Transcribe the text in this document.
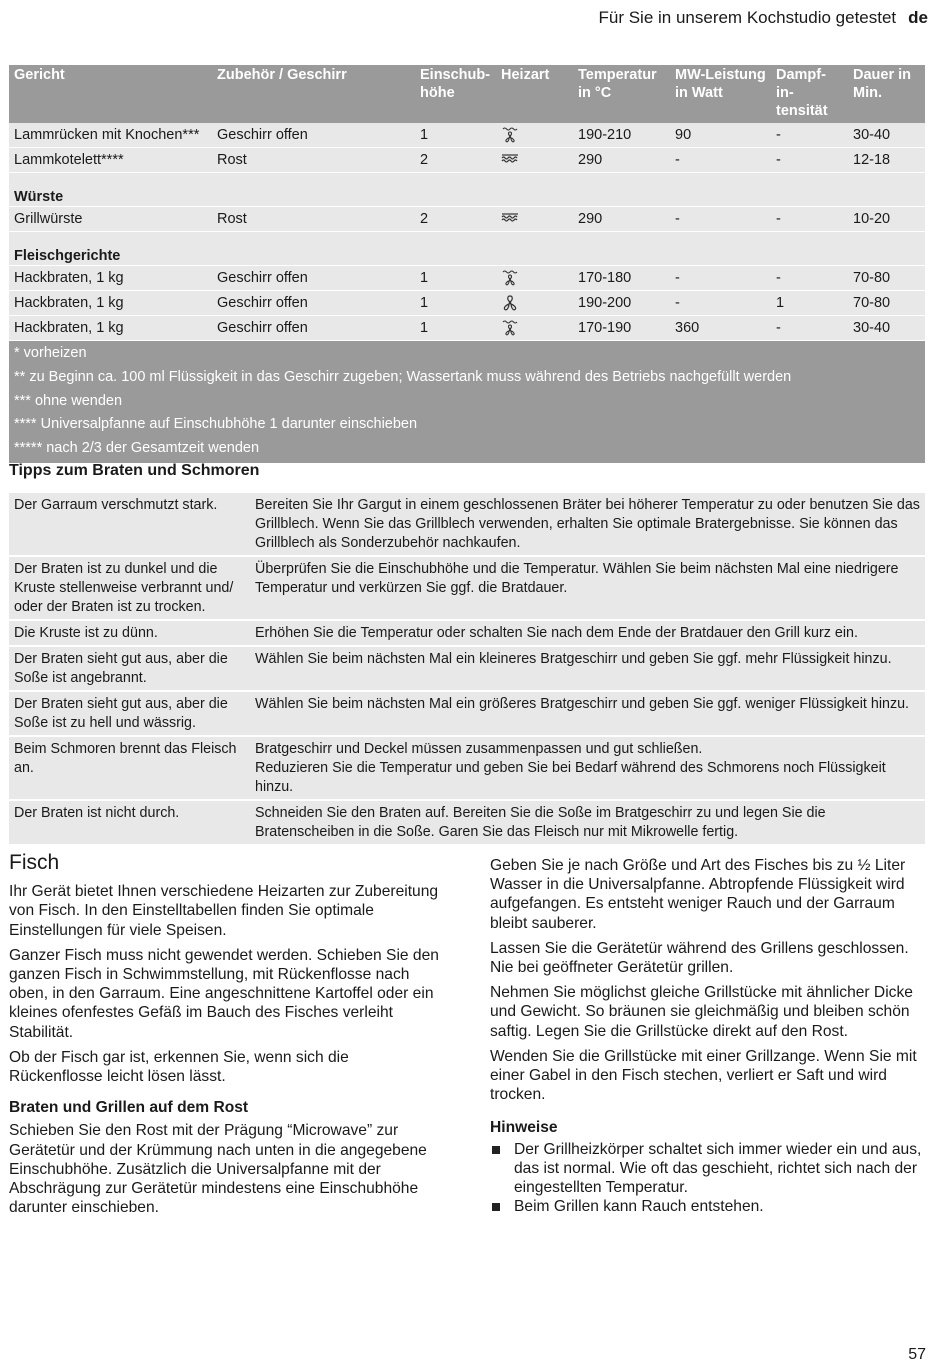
Für Sie in unserem Kochstudio getestet de
Gericht	Zubehör / Geschirr	Einschub-höhe	Heizart	Temperatur in °C	MW-Leistung in Watt	Dampf-in-tensität	Dauer in Min.
Lammrücken mit Knochen***	Geschirr offen	1		190-210	90	-	30-40
Lammkotelett****	Rost	2		290	-	-	12-18
Würste							
Grillwürste	Rost	2		290	-	-	10-20
Fleischgerichte							
Hackbraten, 1 kg	Geschirr offen	1		170-180	-	-	70-80
Hackbraten, 1 kg	Geschirr offen	1		190-200	-	1	70-80
Hackbraten, 1 kg	Geschirr offen	1		170-190	360	-	30-40
* vorheizen
** zu Beginn ca. 100 ml Flüssigkeit in das Geschirr zugeben; Wassertank muss während des Betriebs nachgefüllt werden
*** ohne wenden
**** Universalpfanne auf Einschubhöhe 1 darunter einschieben
***** nach 2/3 der Gesamtzeit wenden
Tipps zum Braten und Schmoren
Der Garraum verschmutzt stark.	Bereiten Sie Ihr Gargut in einem geschlossenen Bräter bei höherer Temperatur zu oder benutzen Sie das Grillblech. Wenn Sie das Grillblech verwenden, erhalten Sie optimale Bratergebnisse. Sie können das Grillblech als Sonderzubehör nachkaufen.

Der Braten ist zu dunkel und die Kruste stellenweise verbrannt und/ oder der Braten ist zu trocken.	Überprüfen Sie die Einschubhöhe und die Temperatur. Wählen Sie beim nächsten Mal eine niedrigere Temperatur und verkürzen Sie ggf. die Bratdauer.

Die Kruste ist zu dünn.	Erhöhen Sie die Temperatur oder schalten Sie nach dem Ende der Bratdauer den Grill kurz ein.

Der Braten sieht gut aus, aber die Soße ist angebrannt.	Wählen Sie beim nächsten Mal ein kleineres Bratgeschirr und geben Sie ggf. mehr Flüssigkeit hinzu.

Der Braten sieht gut aus, aber die Soße ist zu hell und wässrig.	Wählen Sie beim nächsten Mal ein größeres Bratgeschirr und geben Sie ggf. weniger Flüssigkeit hinzu.

Beim Schmoren brennt das Fleisch an.	Bratgeschirr und Deckel müssen zusammenpassen und gut schließen.
Reduzieren Sie die Temperatur und geben Sie bei Bedarf während des Schmorens noch Flüssigkeit hinzu.

Der Braten ist nicht durch.	Schneiden Sie den Braten auf. Bereiten Sie die Soße im Bratgeschirr zu und legen Sie die Bratenscheiben in die Soße. Garen Sie das Fleisch nur mit Mikrowelle fertig.
Fisch

Ihr Gerät bietet Ihnen verschiedene Heizarten zur Zubereitung von Fisch. In den Einstelltabellen finden Sie optimale Einstellungen für viele Speisen.

Ganzer Fisch muss nicht gewendet werden. Schieben Sie den ganzen Fisch in Schwimmstellung, mit Rückenflosse nach oben, in den Garraum. Eine angeschnittene Kartoffel oder ein kleines ofenfestes Gefäß im Bauch des Fisches verleiht Stabilität.

Ob der Fisch gar ist, erkennen Sie, wenn sich die Rückenflosse leicht lösen lässt.

Braten und Grillen auf dem Rost

Schieben Sie den Rost mit der Prägung “Microwave” zur Gerätetür und der Krümmung nach unten in die angegebene Einschubhöhe. Zusätzlich die Universalpfanne mit der Abschrägung zur Gerätetür mindestens eine Einschubhöhe darunter einschieben.

Geben Sie je nach Größe und Art des Fisches bis zu ½ Liter Wasser in die Universalpfanne. Abtropfende Flüssigkeit wird aufgefangen. Es entsteht weniger Rauch und der Garraum bleibt sauberer.

Lassen Sie die Gerätetür während des Grillens geschlossen. Nie bei geöffneter Gerätetür grillen.

Nehmen Sie möglichst gleiche Grillstücke mit ähnlicher Dicke und Gewicht. So bräunen sie gleichmäßig und bleiben schön saftig. Legen Sie die Grillstücke direkt auf den Rost.

Wenden Sie die Grillstücke mit einer Grillzange. Wenn Sie mit einer Gabel in den Fisch stechen, verliert er Saft und wird trocken.

Hinweise
Der Grillheizkörper schaltet sich immer wieder ein und aus, das ist normal. Wie oft das geschieht, richtet sich nach der eingestellten Temperatur.
Beim Grillen kann Rauch entstehen.
57
